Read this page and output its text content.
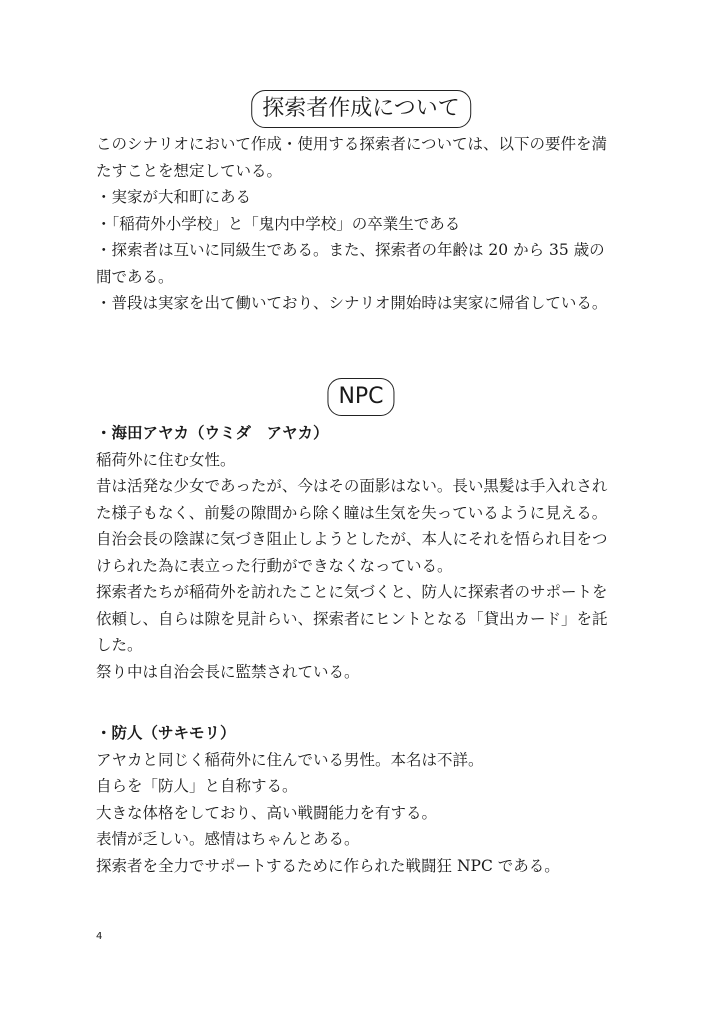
探索者作成について

このシナリオにおいて作成・使用する探索者については、以下の要件を満

たすことを想定している。

・実家が大和町にある

・「稲荷外小学校」と「鬼内中学校」の卒業生である

・探索者は互いに同級生である。また、探索者の年齢は 20 から 35 歳の

間である。

・普段は実家を出て働いており、シナリオ開始時は実家に帰省している。

NPC

・海田アヤカ（ウミダ　アヤカ）

稲荷外に住む女性。

昔は活発な少女であったが、今はその面影はない。長い黒髪は手入れされ

た様子もなく、前髪の隙間から除く瞳は生気を失っているように見える。

自治会長の陰謀に気づき阻止しようとしたが、本人にそれを悟られ目をつ

けられた為に表立った行動ができなくなっている。

探索者たちが稲荷外を訪れたことに気づくと、防人に探索者のサポートを

依頼し、自らは隙を見計らい、探索者にヒントとなる「貸出カード」を託

した。

祭り中は自治会長に監禁されている。

・防人（サキモリ）

アヤカと同じく稲荷外に住んでいる男性。本名は不詳。

自らを「防人」と自称する。

大きな体格をしており、高い戦闘能力を有する。

表情が乏しい。感情はちゃんとある。

探索者を全力でサポートするために作られた戦闘狂 NPC である。

4
